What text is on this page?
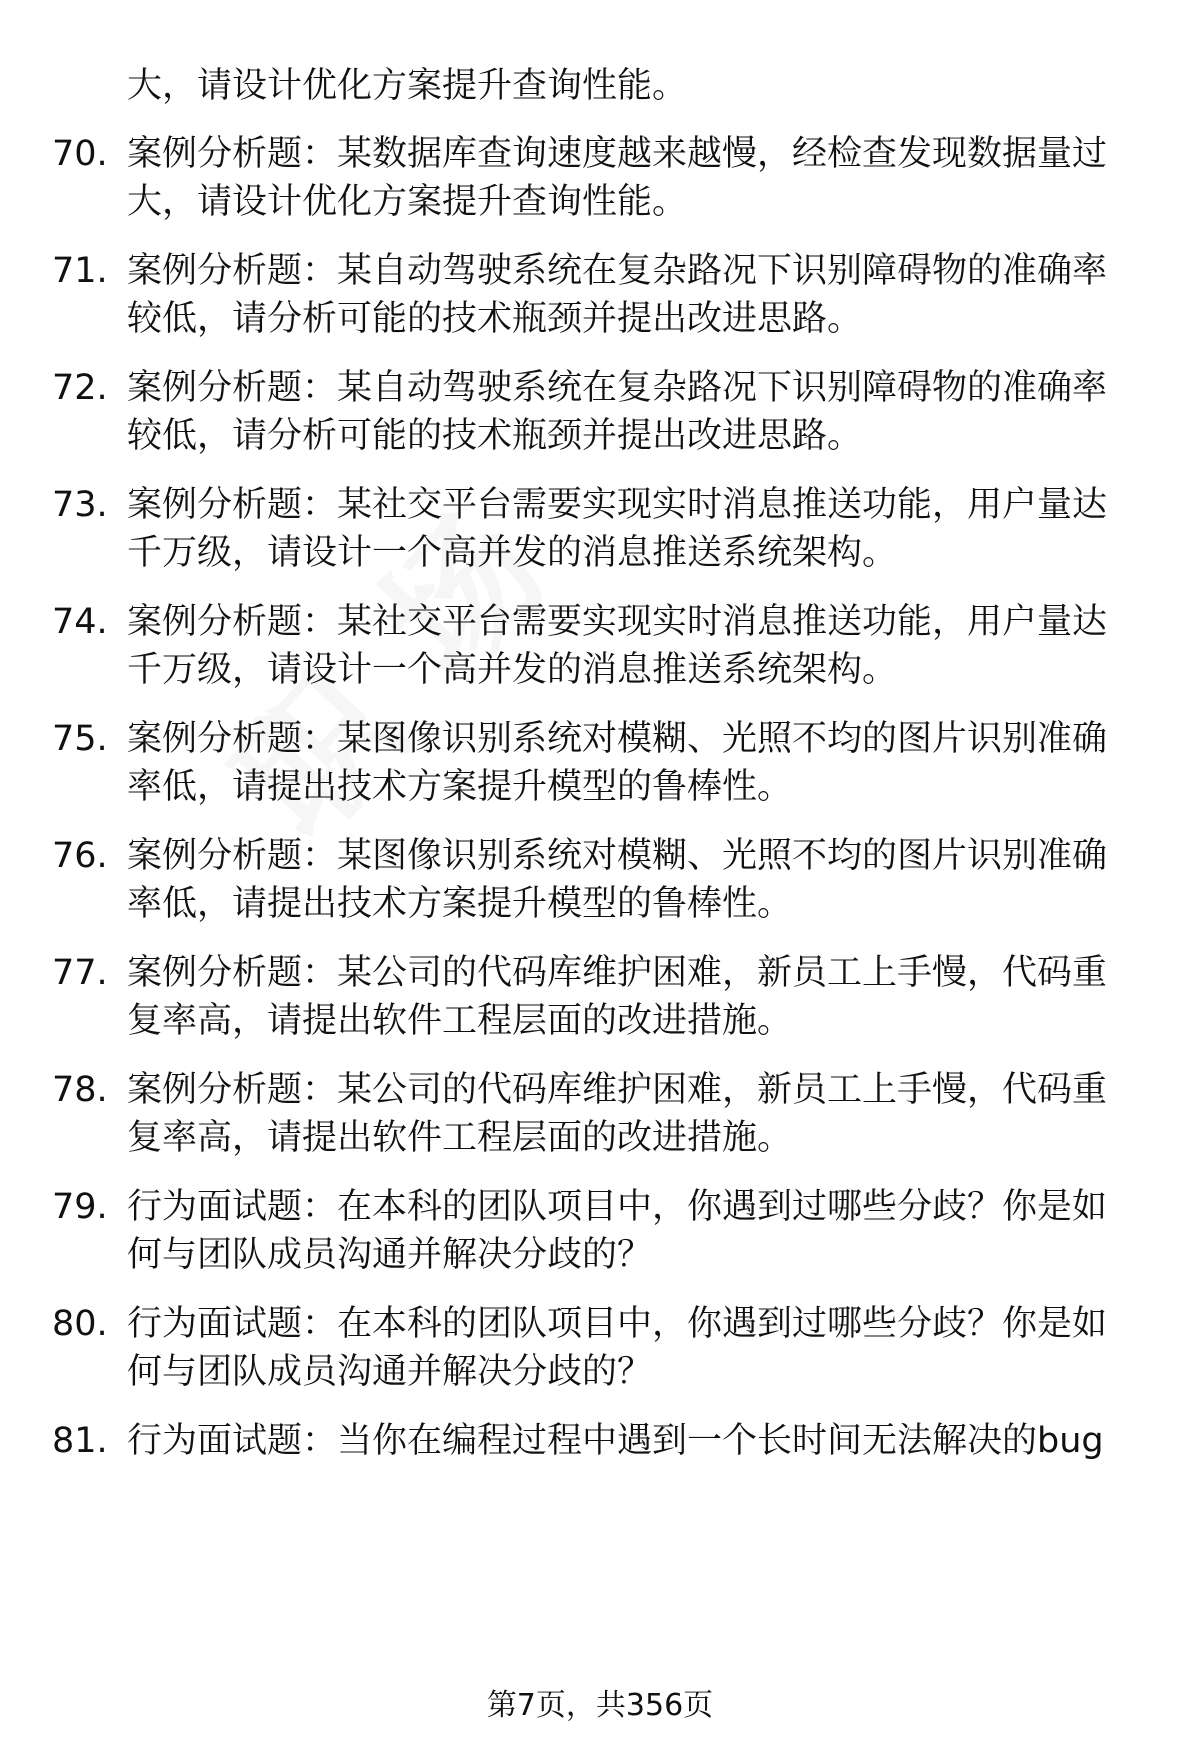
大，请设计优化方案提升查询性能。
70. 案例分析题：某数据库查询速度越来越慢，经检查发现数据量过
大，请设计优化方案提升查询性能。
71. 案例分析题：某自动驾驶系统在复杂路况下识别障碍物的准确率
较低，请分析可能的技术瓶颈并提出改进思路。
72. 案例分析题：某自动驾驶系统在复杂路况下识别障碍物的准确率
较低，请分析可能的技术瓶颈并提出改进思路。
73. 案例分析题：某社交平台需要实现实时消息推送功能，用户量达
千万级，请设计一个高并发的消息推送系统架构。
74. 案例分析题：某社交平台需要实现实时消息推送功能，用户量达
千万级，请设计一个高并发的消息推送系统架构。
75. 案例分析题：某图像识别系统对模糊、光照不均的图片识别准确
率低，请提出技术方案提升模型的鲁棒性。
76. 案例分析题：某图像识别系统对模糊、光照不均的图片识别准确
率低，请提出技术方案提升模型的鲁棒性。
77. 案例分析题：某公司的代码库维护困难，新员工上手慢，代码重
复率高，请提出软件工程层面的改进措施。
78. 案例分析题：某公司的代码库维护困难，新员工上手慢，代码重
复率高，请提出软件工程层面的改进措施。
79. 行为面试题：在本科的团队项目中，你遇到过哪些分歧？你是如
何与团队成员沟通并解决分歧的？
80. 行为面试题：在本科的团队项目中，你遇到过哪些分歧？你是如
何与团队成员沟通并解决分歧的？
81. 行为面试题：当你在编程过程中遇到一个长时间无法解决的bug
第7页，共356页
